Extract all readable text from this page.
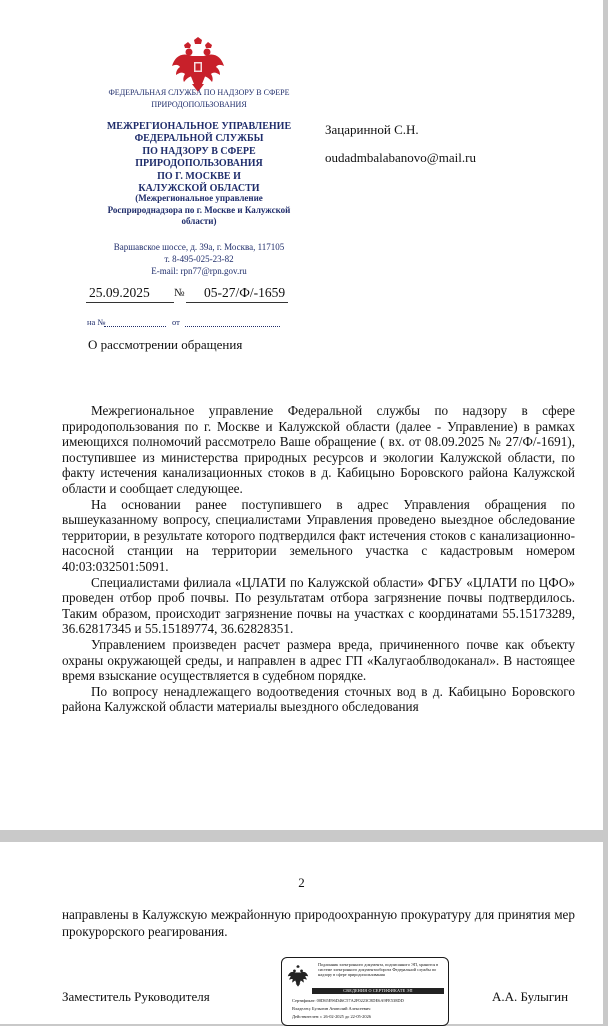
ФЕДЕРАЛЬНАЯ СЛУЖБА ПО НАДЗОРУ В СФЕРЕ ПРИРОДОПОЛЬЗОВАНИЯ
МЕЖРЕГИОНАЛЬНОЕ УПРАВЛЕНИЕ
ФЕДЕРАЛЬНОЙ СЛУЖБЫ
ПО НАДЗОРУ В СФЕРЕ
ПРИРОДОПОЛЬЗОВАНИЯ
ПО Г. МОСКВЕ И
КАЛУЖСКОЙ ОБЛАСТИ
(Межрегиональное управление
Росприроднадзора по г. Москве и Калужской
области)
Варшавское шоссе, д. 39а, г. Москва, 117105
т. 8-495-025-23-82
E-mail: rpn77@rpn.gov.ru
Зацаринной С.Н.
oudadmbalabanovo@mail.ru
25.09.2025 № 05-27/Ф/-1659
на №	от
О рассмотрении обращения

Межрегиональное управление Федеральной службы по надзору в сфере природопользования по г. Москве и Калужской области (далее - Управление) в рамках имеющихся полномочий рассмотрело Ваше обращение ( вх. от 08.09.2025 № 27/Ф/-1691), поступившее из министерства природных ресурсов и экологии Калужской области, по факту истечения канализационных стоков в д. Кабицыно Боровского района Калужской области и сообщает следующее.

На основании ранее поступившего в адрес Управления обращения по вышеуказанному вопросу, специалистами Управления проведено выездное обследование территории, в результате которого подтвердился факт истечения стоков с канализационно-насосной станции на территории земельного участка с кадастровым номером 40:03:032501:5091.

Специалистами филиала «ЦЛАТИ по Калужской области» ФГБУ «ЦЛАТИ по ЦФО» проведен отбор проб почвы. По результатам отбора загрязнение почвы подтвердилось. Таким образом, происходит загрязнение почвы на участках с координатами 55.15173289, 36.62817345 и 55.15189774, 36.62828351.

Управлением произведен расчет размера вреда, причиненного почве как объекту охраны окружающей среды, и направлен в адрес ГП «Калугаоблводоканал». В настоящее время взыскание осуществляется в судебном порядке.

По вопросу ненадлежащего водоотведения сточных вод в д. Кабицыно Боровского района Калужской области материалы выездного обследования

2

направлены в Калужскую межрайонную природоохранную прокуратуру для принятия мер прокурорского реагирования.

Подлинник электронного документа, подписанного ЭП, хранится в системе электронного документооборота Федеральной службы по надзору в сфере природопользования
СВЕДЕНИЯ О СЕРТИФИКАТЕ ЭП
Сертификат: 00D65E96D46C57A2F0223C8DE6A9FE538DD
Владелец: Булыгин Анатолий Алексеевич
Действителен: с 26-02-2025 до 22-05-2026
Заместитель Руководителя	А.А. Булыгин
